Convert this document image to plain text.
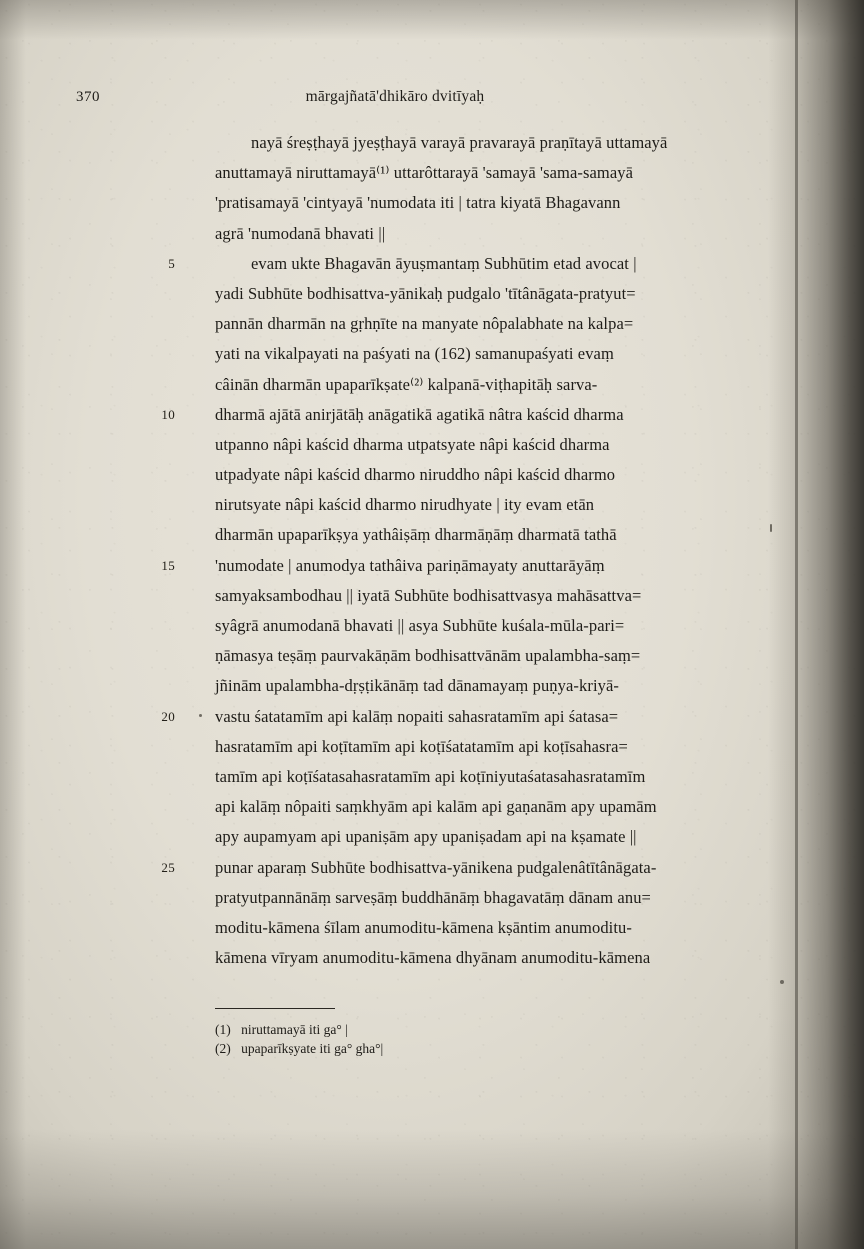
370	mārgajñatā'dhikāro dvitīyaḥ
nayā śreṣṭhayā jyeṣṭhayā varayā pravarayā praṇītayā uttamayā
anuttamayā niruttamayā⁽¹⁾ uttarôttarayā 'samayā 'sama-samayā
'pratisamayā 'cintyayā 'numodata iti | tatra kiyatā Bhagavann
agrā 'numodanā bhavati ||
5	evam ukte Bhagavān āyuṣmantaṃ Subhūtim etad avocat |
yadi Subhūte bodhisattva-yānikaḥ pudgalo 'tītânāgata-pratyut=
pannān dharmān na gṛhṇīte na manyate nôpalabhate na kalpa=
yati na vikalpayati na paśyati na (162) samanupaśyati evaṃ
câinān dharmān upaparīkṣate⁽²⁾ kalpanā-viṭhapitāḥ sarva-
10 dharmā ajātā anirjātāḥ anāgatikā agatikā nâtra kaścid dharma
utpanno nâpi kaścid dharma utpatsyate nâpi kaścid dharma
utpadyate nâpi kaścid dharmo niruddho nâpi kaścid dharmo
nirutsyate nâpi kaścid dharmo nirudhyate | ity evam etān
dharmān upaparīkṣya yathâiṣāṃ dharmāṇāṃ dharmatā tathā
15 'numodate | anumodya tathâiva pariṇāmayaty anuttarāyāṃ
samyaksambodhau || iyatā Subhūte bodhisattvasya mahāsattva=
syâgrā anumodanā bhavati || asya Subhūte kuśala-mūla-pari=
ṇāmasya teṣāṃ paurvakāṇām bodhisattvānām upalambha-saṃ=
jñinām upalambha-dṛṣṭikānāṃ tad dānamayaṃ puṇya-kriyā-
20 vastu śatatamīm api kalāṃ nopaiti sahasratamīm api śatasa=
hasratamīm api koṭītamīm api koṭīśatatamīm api koṭīsahasra=
tamīm api koṭīśatasahasratamīm api koṭīniyutaśatasahasratamīm
api kalāṃ nôpaiti saṃkhyām api kalām api gaṇanām apy upamām
apy aupamyam api upaniṣām apy upaniṣadam api na kṣamate ||
25 punar aparaṃ Subhūte bodhisattva-yānikena pudgalenâtītânāgata-
pratyutpannānāṃ sarveṣāṃ buddhānāṃ bhagavatāṃ dānam anu=
moditu-kāmena śīlam anumoditu-kāmena kṣāntim anumoditu-
kāmena vīryam anumoditu-kāmena dhyānam anumoditu-kāmena
(1) niruttamayā iti ga° |
(2) upaparīkṣyate iti ga° gha°|
